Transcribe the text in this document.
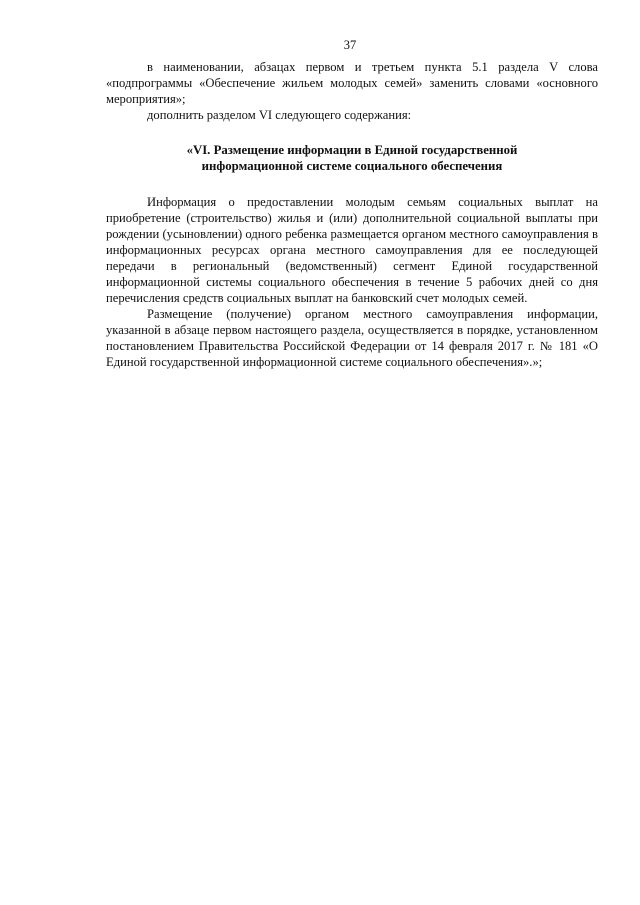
37

в наименовании, абзацах первом и третьем пункта 5.1 раздела V слова «подпрограммы «Обеспечение жильем молодых семей» заменить словами «основного мероприятия»;

дополнить разделом VI следующего содержания:

«VI. Размещение информации в Единой государственной
информационной системе социального обеспечения

Информация о предоставлении молодым семьям социальных выплат на приобретение (строительство) жилья и (или) дополнительной социальной выплаты при рождении (усыновлении) одного ребенка размещается органом местного самоуправления в информационных ресурсах органа местного самоуправления для ее последующей передачи в региональный (ведомственный) сегмент Единой государственной информационной системы социального обеспечения в течение 5 рабочих дней со дня перечисления средств социальных выплат на банковский счет молодых семей.

Размещение (получение) органом местного самоуправления информации, указанной в абзаце первом настоящего раздела, осуществляется в порядке, установленном постановлением Правительства Российской Федерации от 14 февраля 2017 г. № 181 «О Единой государственной информационной системе социального обеспечения».»;
